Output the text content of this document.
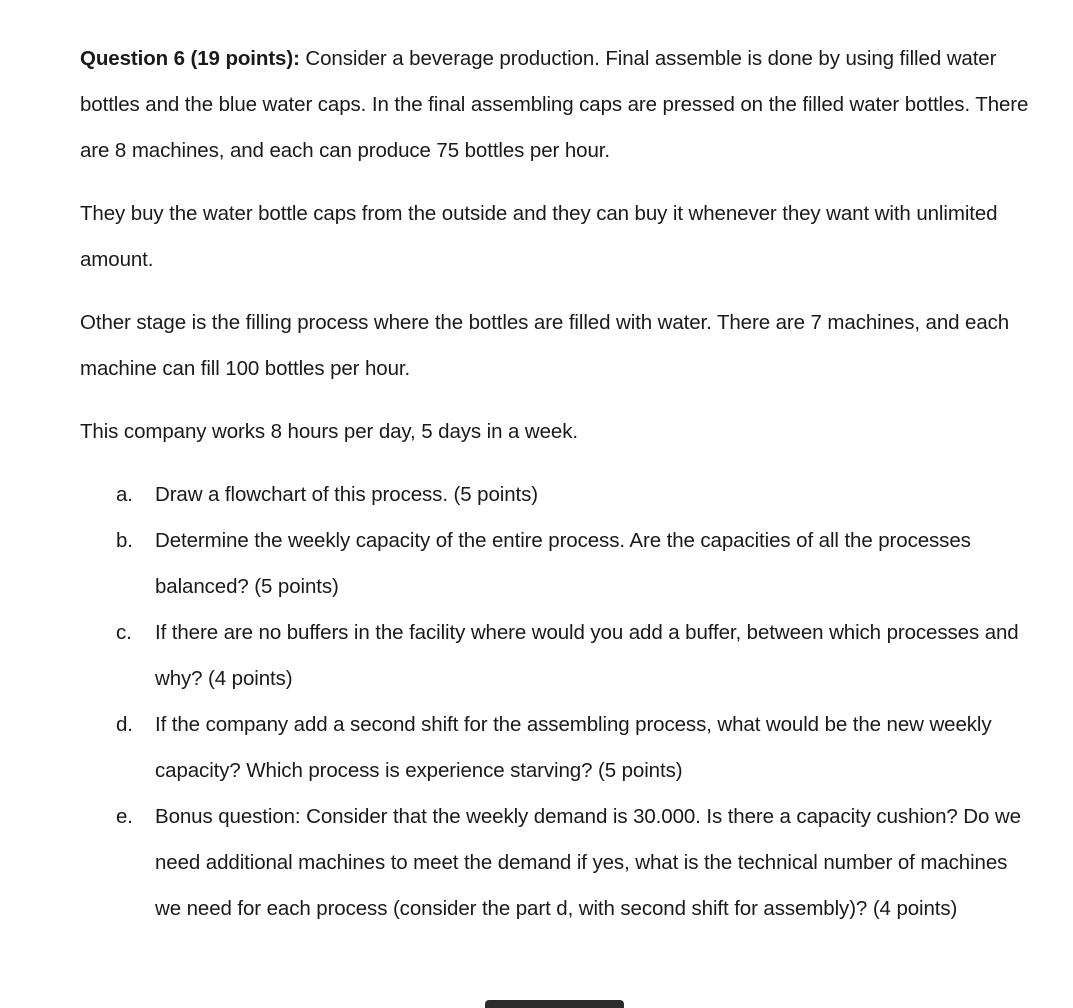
Question 6 (19 points): Consider a beverage production. Final assemble is done by using filled water bottles and the blue water caps. In the final assembling caps are pressed on the filled water bottles. There are 8 machines, and each can produce 75 bottles per hour.

They buy the water bottle caps from the outside and they can buy it whenever they want with unlimited amount.

Other stage is the filling process where the bottles are filled with water. There are 7 machines, and each machine can fill 100 bottles per hour.

This company works 8 hours per day, 5 days in a week.

a. Draw a flowchart of this process. (5 points)
b. Determine the weekly capacity of the entire process. Are the capacities of all the processes balanced? (5 points)
c. If there are no buffers in the facility where would you add a buffer, between which processes and why? (4 points)
d. If the company add a second shift for the assembling process, what would be the new weekly capacity? Which process is experience starving? (5 points)
e. Bonus question: Consider that the weekly demand is 30.000. Is there a capacity cushion? Do we need additional machines to meet the demand if yes, what is the technical number of machines we need for each process (consider the part d, with second shift for assembly)? (4 points)
